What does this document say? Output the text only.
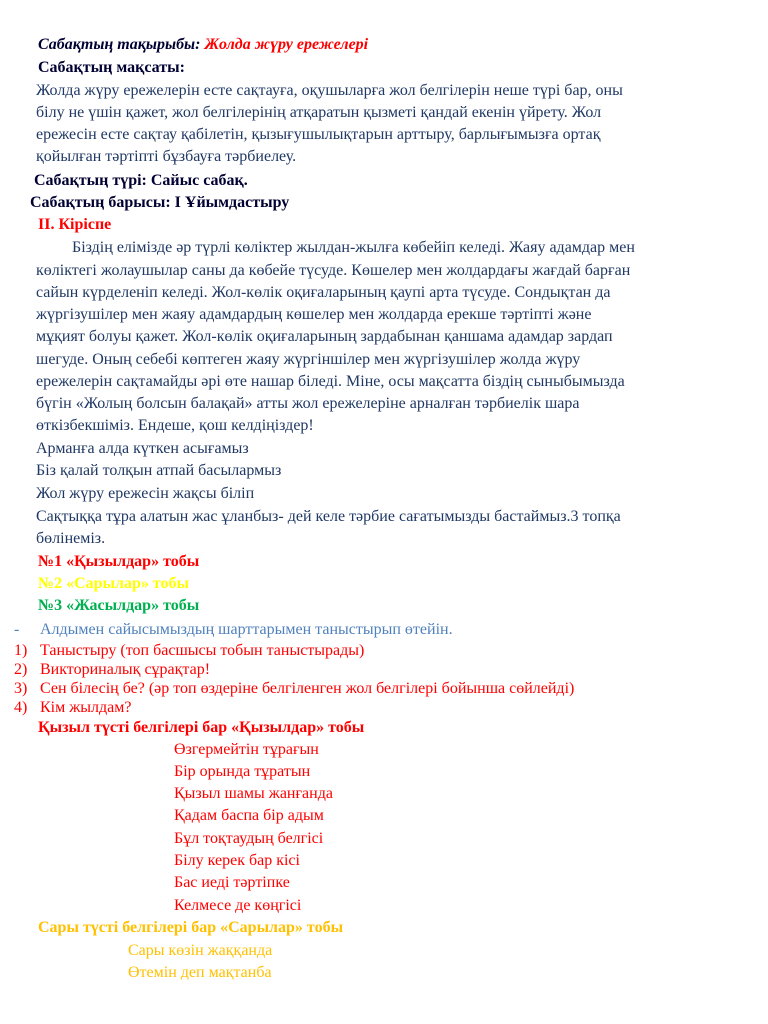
Сабақтың тақырыбы: Жолда жүру ережелері
Сабақтың мақсаты:
Жолда жүру ережелерін есте сақтауға, оқушыларға жол белгілерін неше түрі бар, оны
білу не үшін қажет, жол белгілерінің атқаратын қызметі қандай екенін үйрету. Жол
ережесін есте сақтау қабілетін, қызығушылықтарын арттыру, барлығымызға ортақ
қойылған тәртіпті бұзбауға тәрбиелеу.
Сабақтың түрі: Сайыс сабақ.
Сабақтың барысы: І Ұйымдастыру
ІІ. Кіріспе
Біздің елімізде әр түрлі көліктер жылдан-жылға көбейіп келеді. Жаяу адамдар мен
көліктегі жолаушылар саны да көбейе түсуде. Көшелер мен жолдардағы жағдай барған
сайын күрделеніп келеді. Жол-көлік оқиғаларының қаупі арта түсуде. Сондықтан да
жүргізушілер мен жаяу адамдардың көшелер мен жолдарда ерекше тәртіпті және
мұқият болуы қажет. Жол-көлік оқиғаларының зардабынан қаншама адамдар зардап
шегуде. Оның себебі көптеген жаяу жүргіншілер мен жүргізушілер жолда жүру
ережелерін сақтамайды әрі өте нашар біледі. Міне, осы мақсатта біздің сыныбымызда
бүгін «Жолың болсын балақай» атты жол ережелеріне арналған тәрбиелік шара
өткізбекшіміз. Ендеше, қош келдіңіздер!
Арманға алда күткен асығамыз
Біз қалай толқын атпай басылармыз
Жол жүру ережесін жақсы біліп
Сақтыққа тұра алатын жас ұланбыз- дей келе тәрбие сағатымызды бастаймыз.3 топқа
бөлінеміз.
№1 «Қызылдар» тобы
№2 «Сарылар» тобы
№3 «Жасылдар» тобы
- Алдымен сайысымыздың шарттарымен таныстырып өтейін.
1) Таныстыру (топ басшысы тобын таныстырады)
2) Викториналық сұрақтар!
3) Сен білесің бе? (әр топ өздеріне белгіленген жол белгілері бойынша сөйлейді)
4) Кім жылдам?
Қызыл түсті белгілері бар «Қызылдар» тобы
Өзгермейтін тұрағын
Бір орында тұратын
Қызыл шамы жанғанда
Қадам баспа бір адым
Бұл тоқтаудың белгісі
Білу керек бар кісі
Бас иеді тәртіпке
Келмесе де көңгісі
Сары түсті белгілері бар «Сарылар» тобы
Сары көзін жаққанда
Өтемін деп мақтанба
